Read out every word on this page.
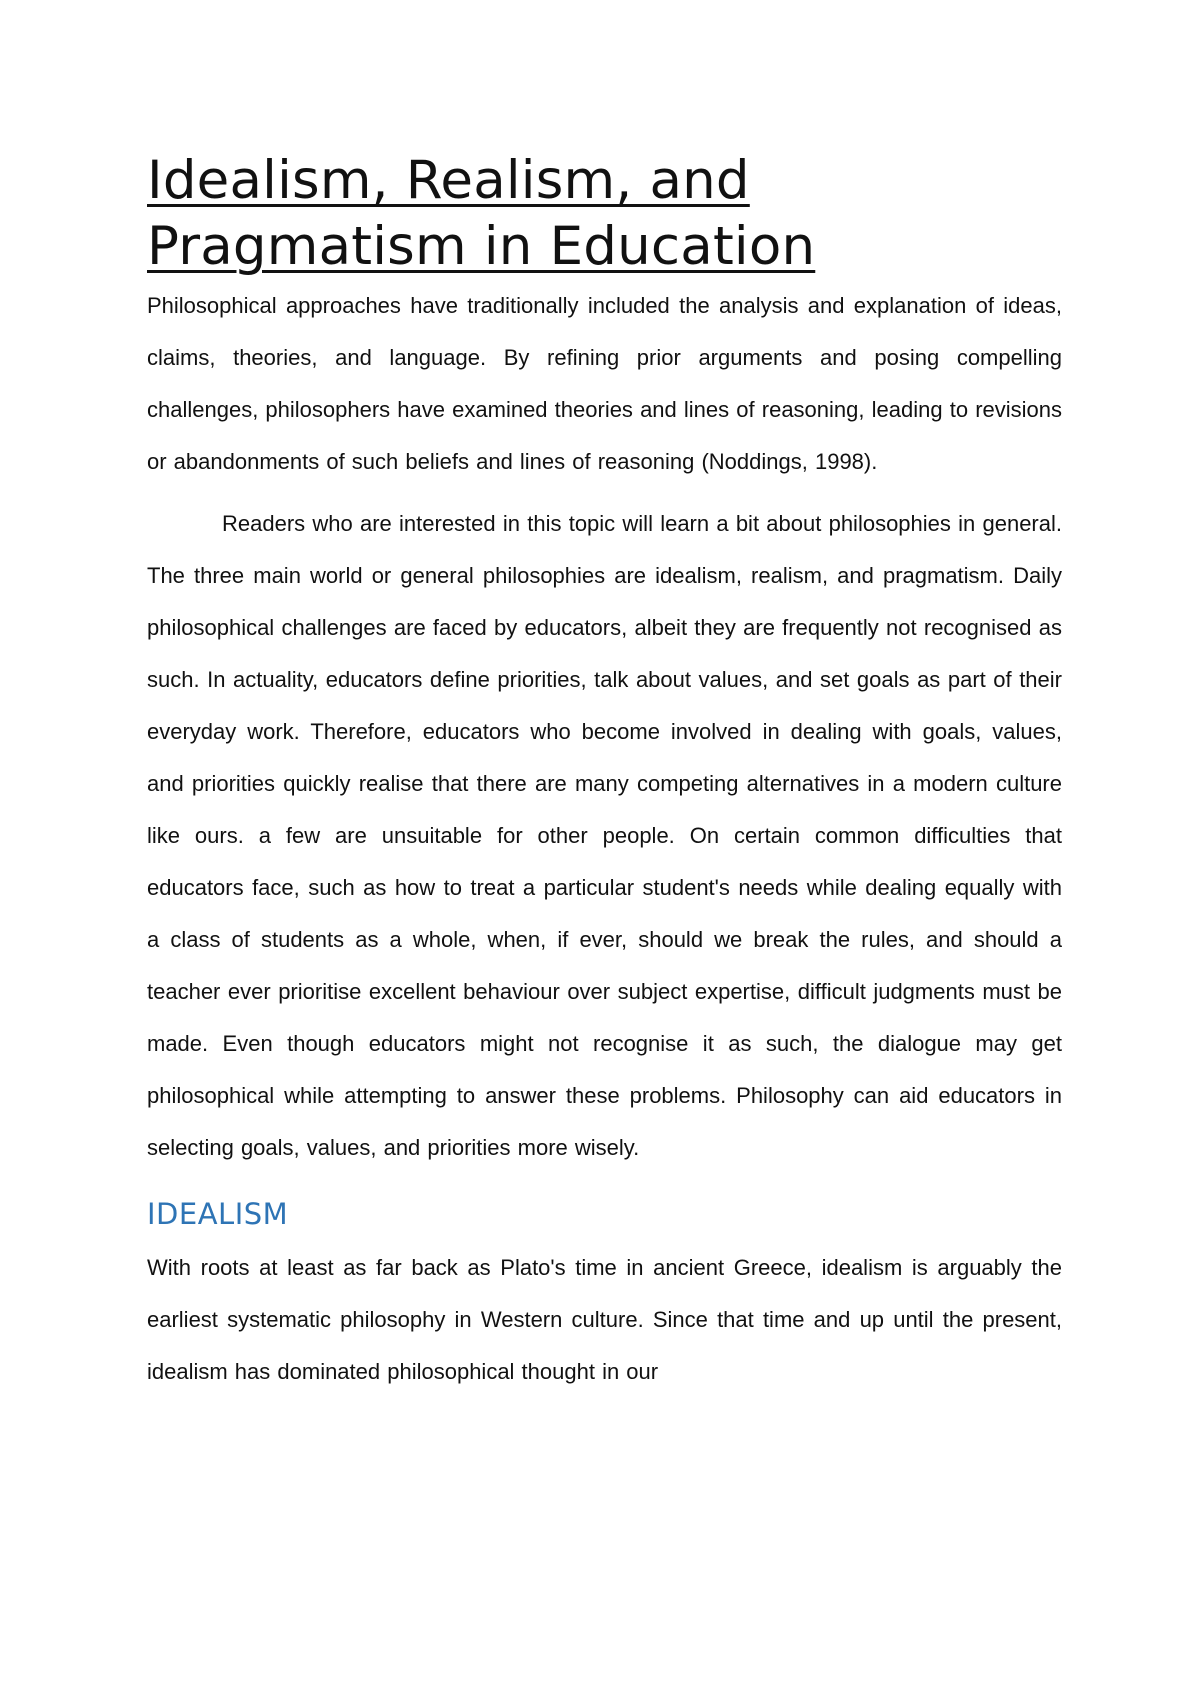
Idealism, Realism, and Pragmatism in Education

Philosophical approaches have traditionally included the analysis and explanation of ideas, claims, theories, and language. By refining prior arguments and posing compelling challenges, philosophers have examined theories and lines of reasoning, leading to revisions or abandonments of such beliefs and lines of reasoning (Noddings, 1998).

Readers who are interested in this topic will learn a bit about philosophies in general. The three main world or general philosophies are idealism, realism, and pragmatism. Daily philosophical challenges are faced by educators, albeit they are frequently not recognised as such. In actuality, educators define priorities, talk about values, and set goals as part of their everyday work. Therefore, educators who become involved in dealing with goals, values, and priorities quickly realise that there are many competing alternatives in a modern culture like ours. a few are unsuitable for other people. On certain common difficulties that educators face, such as how to treat a particular student's needs while dealing equally with a class of students as a whole, when, if ever, should we break the rules, and should a teacher ever prioritise excellent behaviour over subject expertise, difficult judgments must be made. Even though educators might not recognise it as such, the dialogue may get philosophical while attempting to answer these problems. Philosophy can aid educators in selecting goals, values, and priorities more wisely.

IDEALISM

With roots at least as far back as Plato's time in ancient Greece, idealism is arguably the earliest systematic philosophy in Western culture. Since that time and up until the present, idealism has dominated philosophical thought in our
